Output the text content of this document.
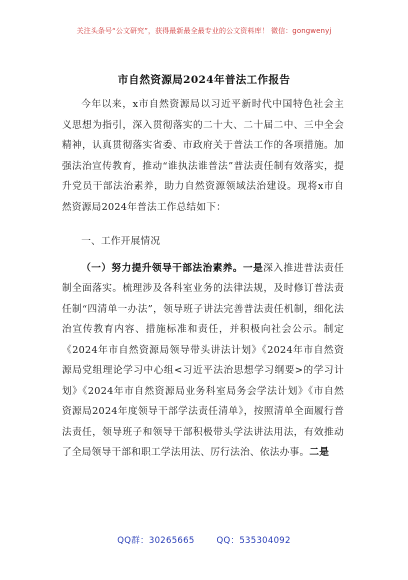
关注头条号“公文研究”，获得最新最全最专业的公文资料库！ 微信：gongwenyj
市自然资源局2024年普法工作报告

今年以来，x市自然资源局以习近平新时代中国特色社会主义思想为指引，深入贯彻落实的二十大、二十届二中、三中全会精神，认真贯彻落实省委、市政府关于普法工作的各项措施。加强法治宣传教育，推动“谁执法谁普法”普法责任制有效落实，提升党员干部法治素养，助力自然资源领域法治建设。现将x市自然资源局2024年普法工作总结如下：

一、工作开展情况

（一）努力提升领导干部法治素养。一是深入推进普法责任制全面落实。梳理涉及各科室业务的法律法规，及时修订普法责任制“四清单一办法”，领导班子讲法完善普法责任机制，细化法治宣传教育内容、措施标准和责任，并积极向社会公示。制定《2024年市自然资源局领导带头讲法计划》《2024年市自然资源局党组理论学习中心组<习近平法治思想学习纲要>的学习计划》《2024年市自然资源局业务科室局务会学法计划》《市自然资源局2024年度领导干部学法责任清单》，按照清单全面履行普法责任，领导班子和领导干部积极带头学法讲法用法，有效推动了全局领导干部和职工学法用法、厉行法治、依法办事。二是

QQ群：30265665	QQ：535304092
